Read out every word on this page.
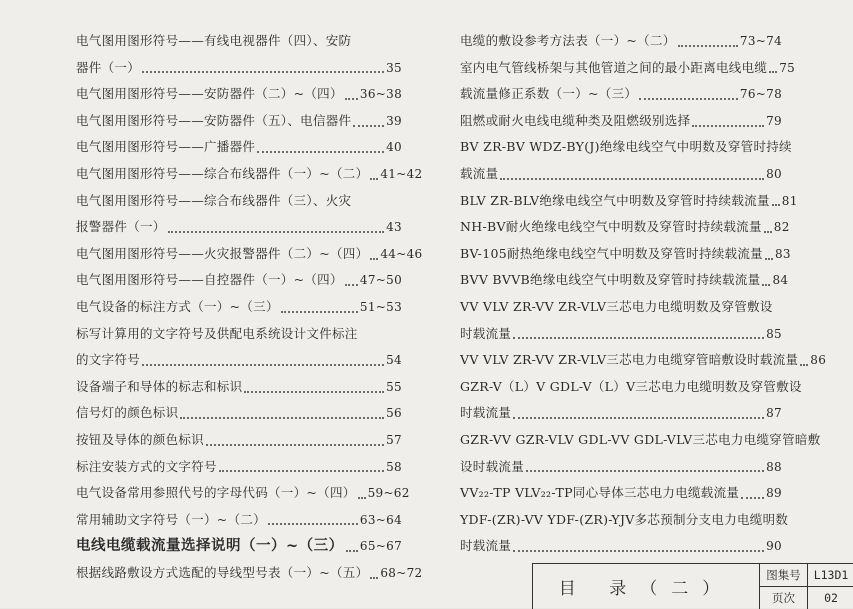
电气图用图形符号——有线电视器件（四）、安防
器件（一）	35
电气图用图形符号——安防器件（二）~（四） 36~38
电气图用图形符号——安防器件（五）、电信器件	39
电气图用图形符号——广播器件	40
电气图用图形符号——综合布线器件（一）~（二） 41~42
电气图用图形符号——综合布线器件（三）、火灾
报警器件（一）	43
电气图用图形符号——火灾报警器件（二）~（四） 44~46
电气图用图形符号——自控器件（一）~（四） 47~50
电气设备的标注方式（一）~（三）	51~53
标写计算用的文字符号及供配电系统设计文件标注
的文字符号	54
设备端子和导体的标志和标识	55
信号灯的颜色标识	56
按钮及导体的颜色标识	57
标注安装方式的文字符号	58
电气设备常用参照代号的字母代码（一）~（四） 59~62
常用辅助文字符号（一）~（二）	63~64
电线电缆载流量选择说明（一）~（三） 65~67
根据线路敷设方式选配的导线型号表（一）~（五） 68~72
电缆的敷设参考方法表（一）~（二）	73~74
室内电气管线桥架与其他管道之间的最小距离电线电缆 75
载流量修正系数（一）~（三）	76~78
阻燃或耐火电线电缆种类及阻燃级别选择	79
BV ZR-BV WDZ-BY(J)绝缘电线空气中明数及穿管时持续
载流量	80
BLV ZR-BLV绝缘电线空气中明数及穿管时持续载流量 81
NH-BV耐火绝缘电线空气中明数及穿管时持续载流量 82
BV-105耐热绝缘电线空气中明数及穿管时持续载流量 83
BVV BVVB绝缘电线空气中明数及穿管时持续载流量 84
VV VLV ZR-VV ZR-VLV三芯电力电缆明数及穿管敷设
时载流量	85
VV VLV ZR-VV ZR-VLV三芯电力电缆穿管暗敷设时载流量 86
GZR-V（L）V GDL-V（L）V三芯电力电缆明数及穿管敷设
时载流量	87
GZR-VV GZR-VLV GDL-VV GDL-VLV三芯电力电缆穿管暗敷
设时载流量	88
VV₂₂-TP VLV₂₂-TP同心导体三芯电力电缆载流量 89
YDF-(ZR)-VV YDF-(ZR)-YJV多芯预制分支电力电缆明数
时载流量	90
目 录（二）
图集号	L13D1
页次	02
